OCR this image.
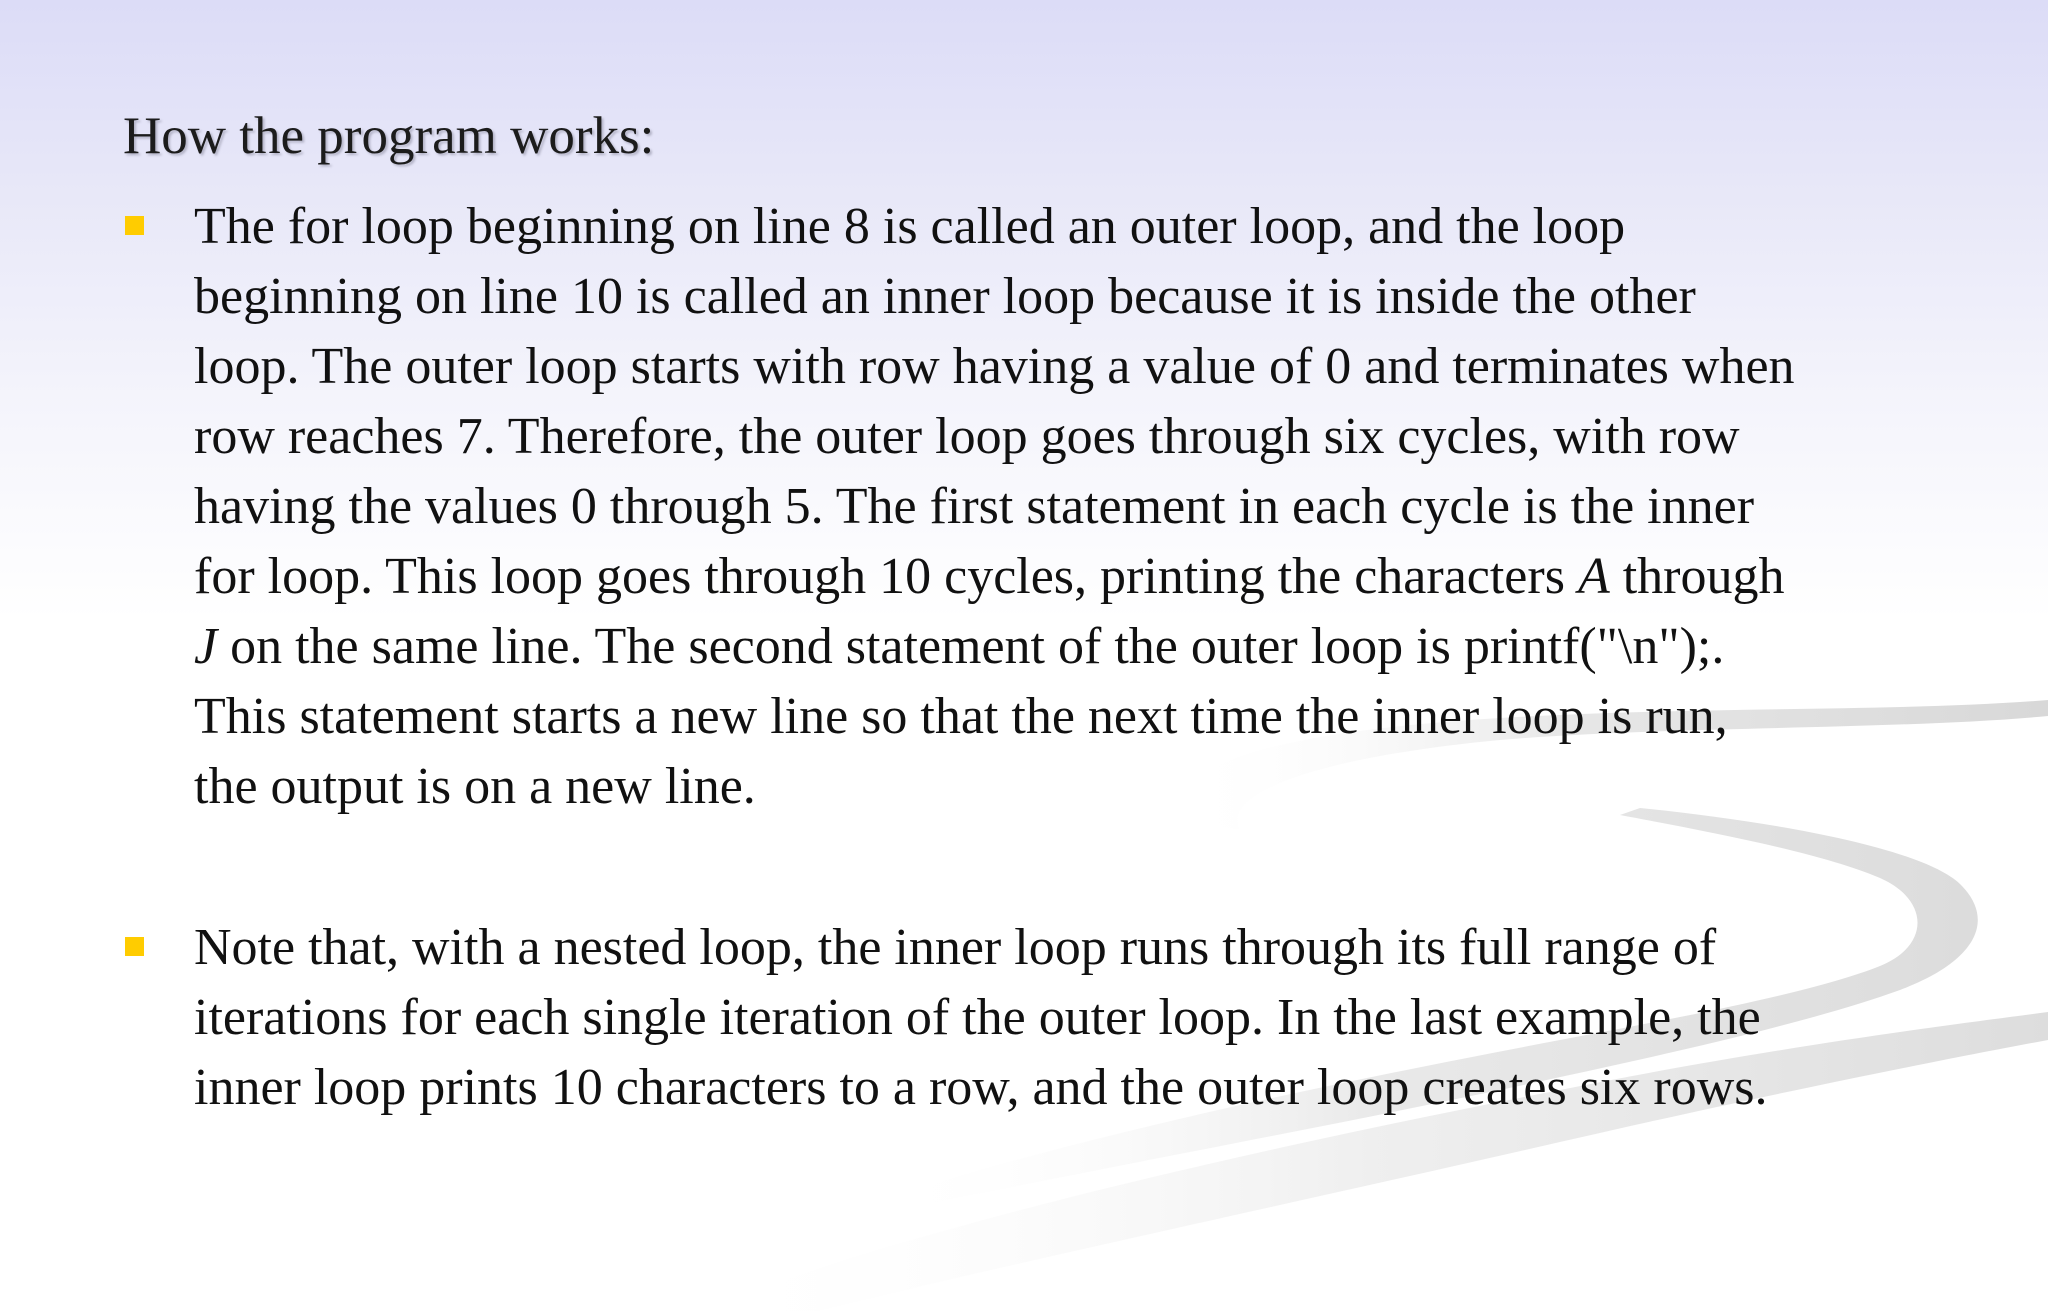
How the program works:
The for loop beginning on line 8 is called an outer loop, and the loop
beginning on line 10 is called an inner loop because it is inside the other
loop. The outer loop starts with row having a value of 0 and terminates when
row reaches 7. Therefore, the outer loop goes through six cycles, with row
having the values 0 through 5. The first statement in each cycle is the inner
for loop. This loop goes through 10 cycles, printing the characters A through
J on the same line. The second statement of the outer loop is printf("\n");.
This statement starts a new line so that the next time the inner loop is run,
the output is on a new line.
Note that, with a nested loop, the inner loop runs through its full range of
iterations for each single iteration of the outer loop. In the last example, the
inner loop prints 10 characters to a row, and the outer loop creates six rows.
